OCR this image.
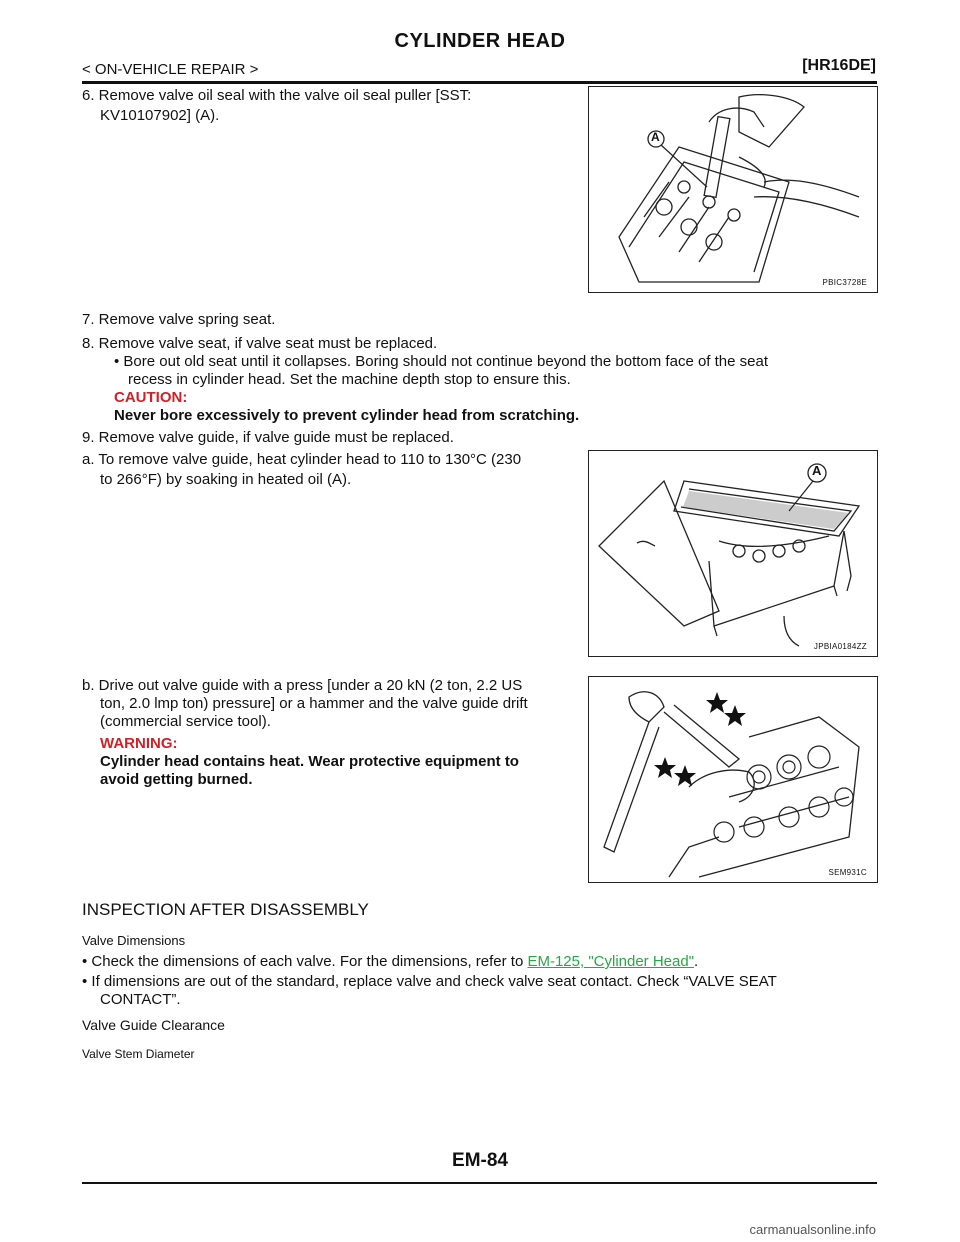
CYLINDER HEAD
< ON-VEHICLE REPAIR >	[HR16DE]
6. Remove valve oil seal with the valve oil seal puller [SST:
KV10107902] (A).
A
PBIC3728E
7. Remove valve spring seat.
8. Remove valve seat, if valve seat must be replaced.
• Bore out old seat until it collapses. Boring should not continue beyond the bottom face of the seat
recess in cylinder head. Set the machine depth stop to ensure this.
CAUTION:
Never bore excessively to prevent cylinder head from scratching.
9. Remove valve guide, if valve guide must be replaced.
a. To remove valve guide, heat cylinder head to 110 to 130°C (230
to 266°F) by soaking in heated oil (A).
A
JPBIA0184ZZ
b. Drive out valve guide with a press [under a 20 kN (2 ton, 2.2 US
ton, 2.0 lmp ton) pressure] or a hammer and the valve guide drift
(commercial service tool).
WARNING:
Cylinder head contains heat. Wear protective equipment to
avoid getting burned.
SEM931C
INSPECTION AFTER DISASSEMBLY
Valve Dimensions
• Check the dimensions of each valve. For the dimensions, refer to EM-125, "Cylinder Head".
• If dimensions are out of the standard, replace valve and check valve seat contact. Check “VALVE SEAT
CONTACT”.
Valve Guide Clearance
Valve Stem Diameter
EM-84
carmanualsonline.info
